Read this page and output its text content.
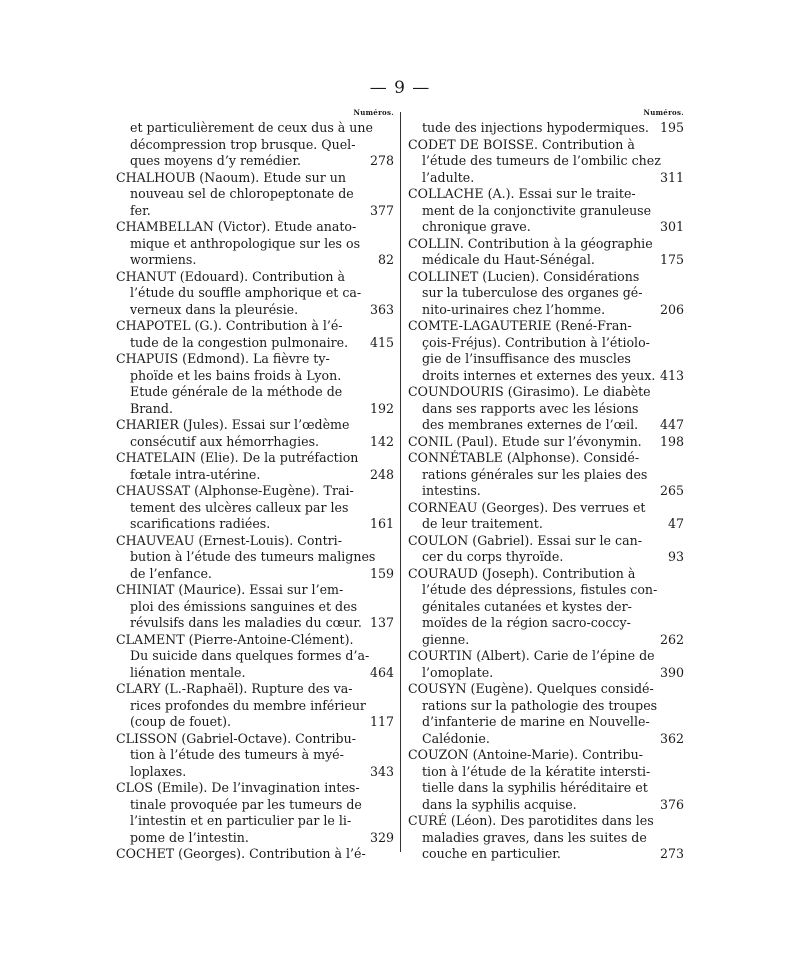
— 9 —
Numéros.
et particulièrement de ceux dus à une
décompression trop brusque. Quel-
ques moyens d’y remédier.	278
CHALHOUB (Naoum). Etude sur un
nouveau sel de chloropeptonate de
fer.	377
CHAMBELLAN (Victor). Etude anato-
mique et anthropologique sur les os
wormiens.	82
CHANUT (Edouard). Contribution à
l’étude du souffle amphorique et ca-
verneux dans la pleurésie.	363
CHAPOTEL (G.). Contribution à l’é-
tude de la congestion pulmonaire.	415
CHAPUIS (Edmond). La fièvre ty-
phoïde et les bains froids à Lyon.
Etude générale de la méthode de
Brand.	192
CHARIER (Jules). Essai sur l’œdème
consécutif aux hémorrhagies.	142
CHATELAIN (Elie). De la putréfaction
fœtale intra-utérine.	248
CHAUSSAT (Alphonse-Eugène). Trai-
tement des ulcères calleux par les
scarifications radiées.	161
CHAUVEAU (Ernest-Louis). Contri-
bution à l’étude des tumeurs malignes
de l’enfance.	159
CHINIAT (Maurice). Essai sur l’em-
ploi des émissions sanguines et des
révulsifs dans les maladies du cœur. 137
CLAMENT (Pierre-Antoine-Clément).
Du suicide dans quelques formes d’a-
liénation mentale.	464
CLARY (L.-Raphaël). Rupture des va-
rices profondes du membre inférieur
(coup de fouet).	117
CLISSON (Gabriel-Octave). Contribu-
tion à l’étude des tumeurs à myé-
loplaxes.	343
CLOS (Emile). De l’invagination intes-
tinale provoquée par les tumeurs de
l’intestin et en particulier par le li-
pome de l’intestin.	329
COCHET (Georges). Contribution à l’é-
Numéros.
tude des injections hypodermiques. 195
CODET DE BOISSE. Contribution à
l’étude des tumeurs de l’ombilic chez
l’adulte.	311
COLLACHE (A.). Essai sur le traite-
ment de la conjonctivite granuleuse
chronique grave.	301
COLLIN. Contribution à la géographie
médicale du Haut-Sénégal.	175
COLLINET (Lucien). Considérations
sur la tuberculose des organes gé-
nito-urinaires chez l’homme.	206
COMTE-LAGAUTERIE (René-Fran-
çois-Fréjus). Contribution à l’étiolo-
gie de l’insuffisance des muscles
droits internes et externes des yeux. 413
COUNDOURIS (Girasimo). Le diabète
dans ses rapports avec les lésions
des membranes externes de l’œil.	447
CONIL (Paul). Etude sur l’évonymin.	198
CONNÉTABLE (Alphonse). Considé-
rations générales sur les plaies des
intestins.	265
CORNEAU (Georges). Des verrues et
de leur traitement.	47
COULON (Gabriel). Essai sur le can-
cer du corps thyroïde.	93
COURAUD (Joseph). Contribution à
l’étude des dépressions, fistules con-
génitales cutanées et kystes der-
moïdes de la région sacro-coccy-
gienne.	262
COURTIN (Albert). Carie de l’épine de
l’omoplate.	390
COUSYN (Eugène). Quelques considé-
rations sur la pathologie des troupes
d’infanterie de marine en Nouvelle-
Calédonie.	362
COUZON (Antoine-Marie). Contribu-
tion à l’étude de la kératite intersti-
tielle dans la syphilis héréditaire et
dans la syphilis acquise.	376
CURÉ (Léon). Des parotidites dans les
maladies graves, dans les suites de
couche en particulier.	273
